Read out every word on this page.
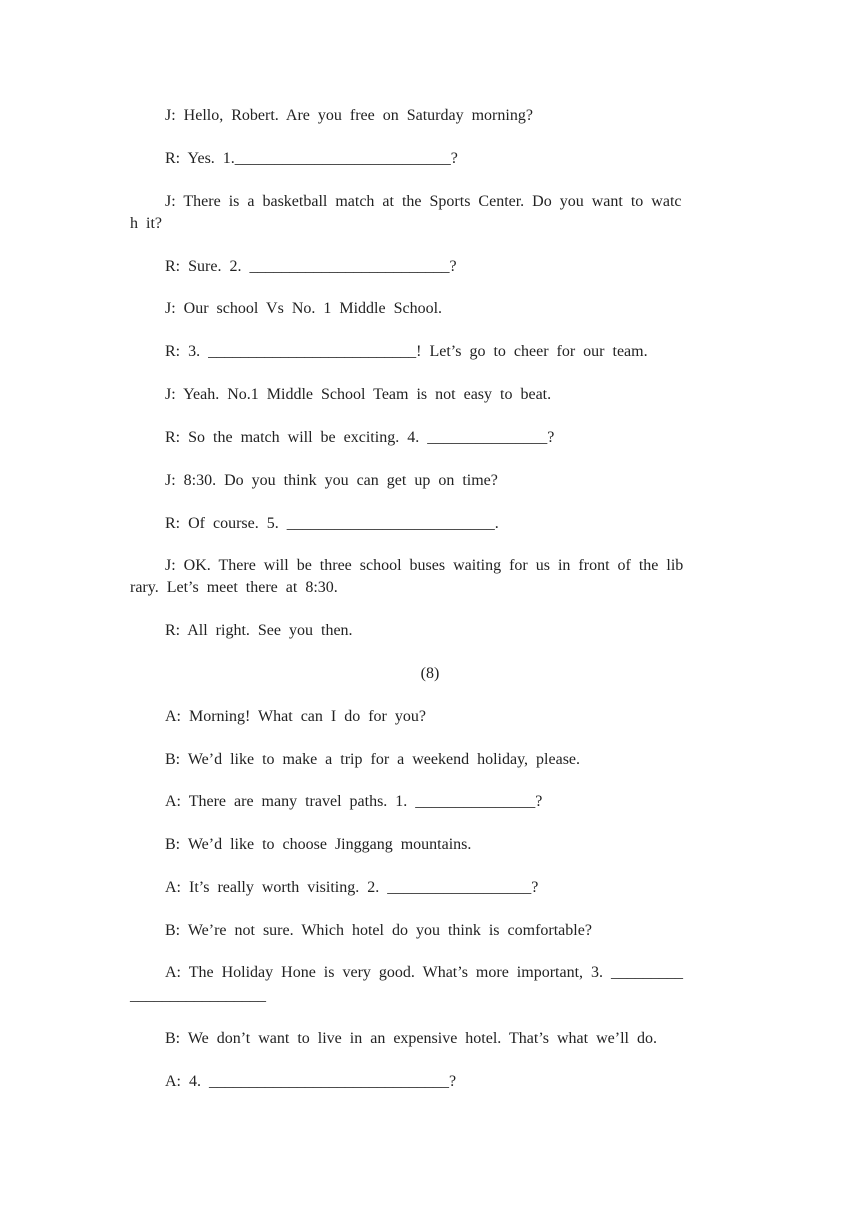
J: Hello, Robert. Are you free on Saturday morning?

R: Yes. 1.___________________________?

J: There is a basketball match at the Sports Center. Do you want to watc

h it?

R: Sure. 2. _________________________?

J: Our school Vs No. 1 Middle School.

R: 3. __________________________! Let’s go to cheer for our team.

J: Yeah. No.1 Middle School Team is not easy to beat.

R: So the match will be exciting. 4. _______________?

J: 8:30. Do you think you can get up on time?

R: Of course. 5. __________________________.

J: OK. There will be three school buses waiting for us in front of the lib

rary. Let’s meet there at 8:30.

R: All right. See you then.

(8)

A: Morning! What can I do for you?

B: We’d like to make a trip for a weekend holiday, please.

A: There are many travel paths. 1. _______________?

B: We’d like to choose Jinggang mountains.

A: It’s really worth visiting. 2. __________________?

B: We’re not sure. Which hotel do you think is comfortable?

A: The Holiday Hone is very good. What’s more important, 3. _________

_________________

B: We don’t want to live in an expensive hotel. That’s what we’ll do.

A: 4. ______________________________?
